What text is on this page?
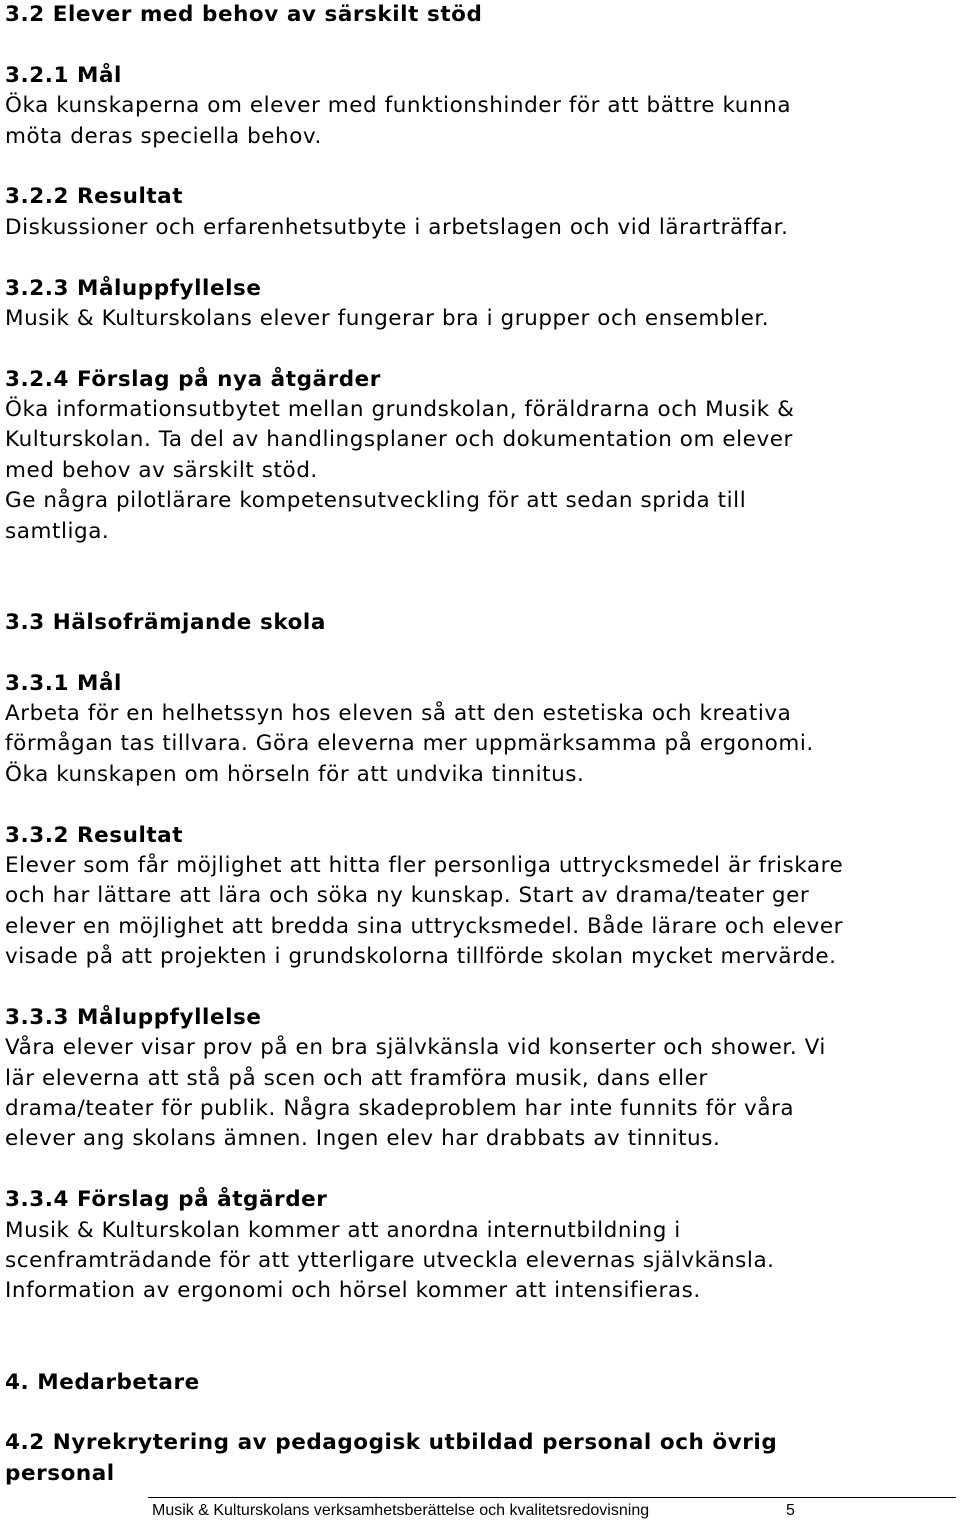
3.2 Elever med behov av särskilt stöd
3.2.1 Mål
Öka kunskaperna om elever med funktionshinder för att bättre kunna
möta deras speciella behov.
3.2.2 Resultat
Diskussioner och erfarenhetsutbyte i arbetslagen och vid lärarträffar.
3.2.3 Måluppfyllelse
Musik & Kulturskolans elever fungerar bra i grupper och ensembler.
3.2.4 Förslag på nya åtgärder
Öka informationsutbytet mellan grundskolan, föräldrarna och Musik &
Kulturskolan. Ta del av handlingsplaner och dokumentation om elever
med behov av särskilt stöd.
Ge några pilotlärare kompetensutveckling för att sedan sprida till
samtliga.
3.3 Hälsofrämjande skola
3.3.1 Mål
Arbeta för en helhetssyn hos eleven så att den estetiska och kreativa
förmågan tas tillvara. Göra eleverna mer uppmärksamma på ergonomi.
Öka kunskapen om hörseln för att undvika tinnitus.
3.3.2 Resultat
Elever som får möjlighet att hitta fler personliga uttrycksmedel är friskare
och har lättare att lära och söka ny kunskap. Start av drama/teater ger
elever en möjlighet att bredda sina uttrycksmedel. Både lärare och elever
visade på att projekten i grundskolorna tillförde skolan mycket mervärde.
3.3.3 Måluppfyllelse
Våra elever visar prov på en bra självkänsla vid konserter och shower. Vi
lär eleverna att stå på scen och att framföra musik, dans eller
drama/teater för publik. Några skadeproblem har inte funnits för våra
elever ang skolans ämnen. Ingen elev har drabbats av tinnitus.
3.3.4 Förslag på åtgärder
Musik & Kulturskolan kommer att anordna internutbildning i
scenframträdande för att ytterligare utveckla elevernas självkänsla.
Information av ergonomi och hörsel kommer att intensifieras.
4. Medarbetare
4.2 Nyrekrytering av pedagogisk utbildad personal och övrig
personal
Musik & Kulturskolans verksamhetsberättelse och kvalitetsredovisning	5
